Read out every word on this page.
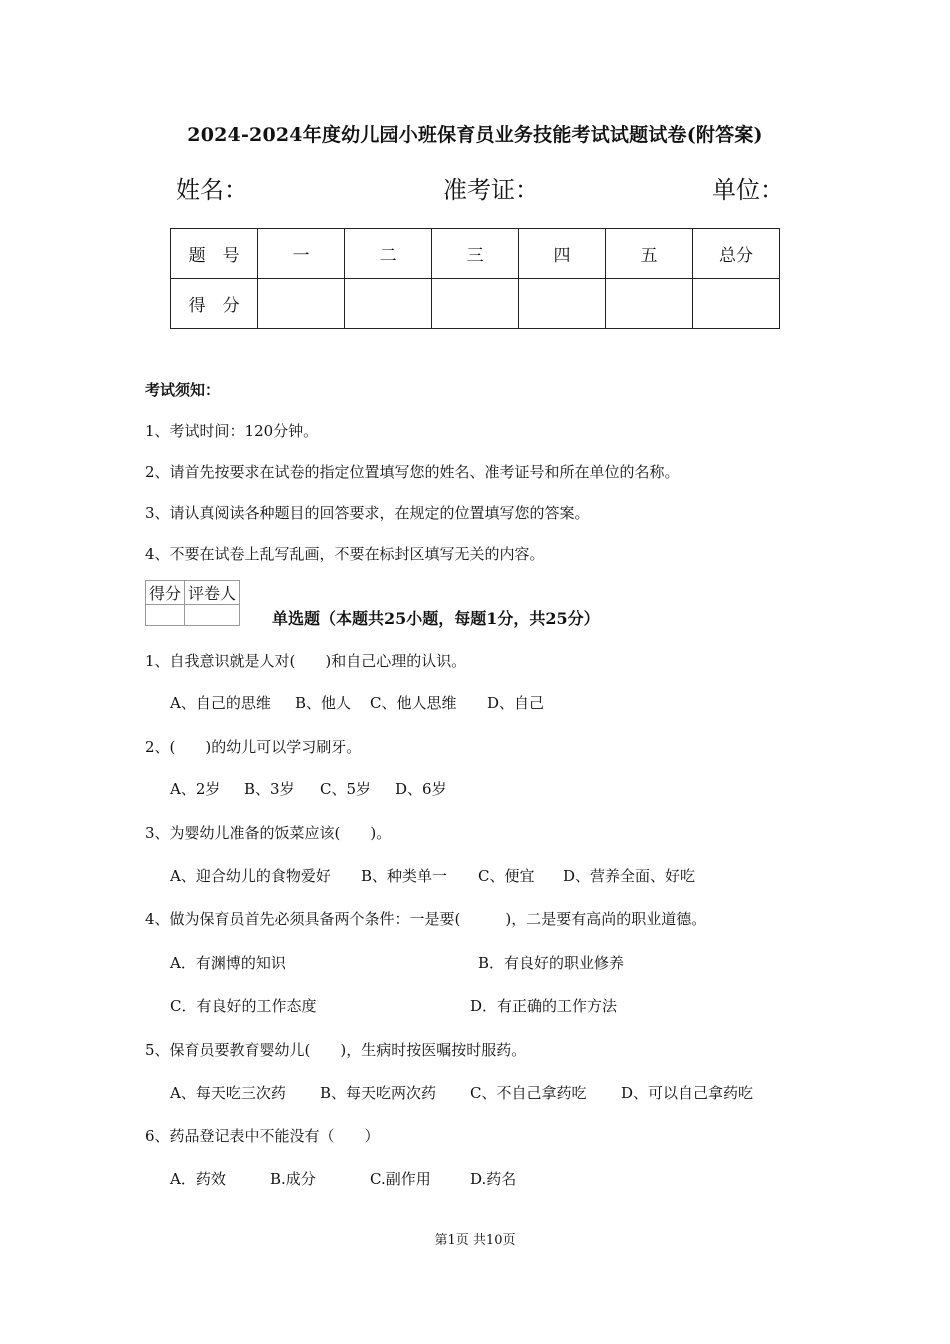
2024-2024年度幼儿园小班保育员业务技能考试试题试卷(附答案)
姓名：	准考证：	单位：
题　号	一	二	三	四	五	总分
得　分						
考试须知：
1、考试时间：120分钟。
2、请首先按要求在试卷的指定位置填写您的姓名、准考证号和所在单位的名称。
3、请认真阅读各种题目的回答要求，在规定的位置填写您的答案。
4、不要在试卷上乱写乱画，不要在标封区填写无关的内容。
得分	评卷人

单选题（本题共25小题，每题1分，共25分）
1、自我意识就是人对(　　)和自己心理的认识。
A、自己的思维 B、他人 C、他人思维 D、自己
2、(　　)的幼儿可以学习刷牙。
A、2岁 B、3岁 C、5岁 D、6岁
3、为婴幼儿准备的饭菜应该(　　)。
A、迎合幼儿的食物爱好 B、种类单一 C、便宜 D、营养全面、好吃
4、做为保育员首先必须具备两个条件：一是要(　　　)，二是要有高尚的职业道德。
A．有渊博的知识	B．有良好的职业修养
C．有良好的工作态度	D．有正确的工作方法
5、保育员要教育婴幼儿(　　)，生病时按医嘱按时服药。
A、每天吃三次药 B、每天吃两次药 C、不自己拿药吃 D、可以自己拿药吃
6、药品登记表中不能没有（　　）
A．药效	B.成分	C.副作用	D.药名
第1页 共10页
